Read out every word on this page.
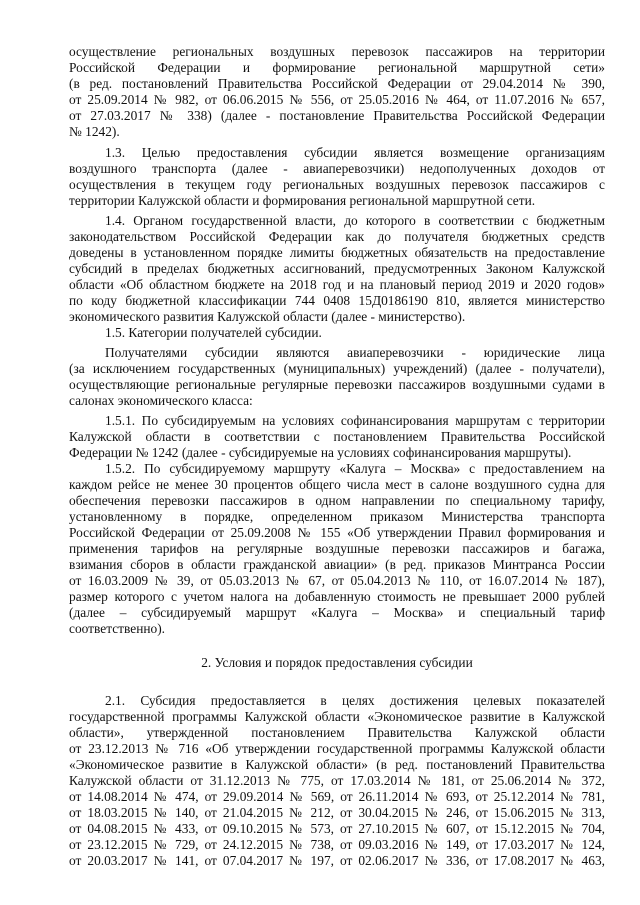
осуществление региональных воздушных перевозок пассажиров на территории
Российской Федерации и формирование региональной маршрутной сети»
(в ред. постановлений Правительства Российской Федерации от 29.04.2014 № 390,
от 25.09.2014 № 982, от 06.06.2015 № 556, от 25.05.2016 № 464, от 11.07.2016 № 657,
от 27.03.2017 № 338) (далее - постановление Правительства Российской Федерации
№ 1242).
1.3. Целью предоставления субсидии является возмещение организациям
воздушного транспорта (далее - авиаперевозчики) недополученных доходов от
осуществления в текущем году региональных воздушных перевозок пассажиров с
территории Калужской области и формирования региональной маршрутной сети.
1.4. Органом государственной власти, до которого в соответствии с бюджетным
законодательством Российской Федерации как до получателя бюджетных средств
доведены в установленном порядке лимиты бюджетных обязательств на предоставление
субсидий в пределах бюджетных ассигнований, предусмотренных Законом Калужской
области «Об областном бюджете на 2018 год и на плановый период 2019 и 2020 годов»
по коду бюджетной классификации 744 0408 15Д0186190 810, является министерство
экономического развития Калужской области (далее - министерство).
1.5. Категории получателей субсидии.
Получателями субсидии являются авиаперевозчики - юридические лица
(за исключением государственных (муниципальных) учреждений) (далее - получатели),
осуществляющие региональные регулярные перевозки пассажиров воздушными судами в
салонах экономического класса:
1.5.1. По субсидируемым на условиях софинансирования маршрутам с территории
Калужской области в соответствии с постановлением Правительства Российской
Федерации № 1242 (далее - субсидируемые на условиях софинансирования маршруты).
1.5.2. По субсидируемому маршруту «Калуга – Москва» с предоставлением на
каждом рейсе не менее 30 процентов общего числа мест в салоне воздушного судна для
обеспечения перевозки пассажиров в одном направлении по специальному тарифу,
установленному в порядке, определенном приказом Министерства транспорта
Российской Федерации от 25.09.2008 № 155 «Об утверждении Правил формирования и
применения тарифов на регулярные воздушные перевозки пассажиров и багажа,
взимания сборов в области гражданской авиации» (в ред. приказов Минтранса России
от 16.03.2009 № 39, от 05.03.2013 № 67, от 05.04.2013 № 110, от 16.07.2014 № 187),
размер которого с учетом налога на добавленную стоимость не превышает 2000 рублей
(далее – субсидируемый маршрут «Калуга – Москва» и специальный тариф
соответственно).
2.1. Субсидия предоставляется в целях достижения целевых показателей
государственной программы Калужской области «Экономическое развитие в Калужской
области», утвержденной постановлением Правительства Калужской области
от 23.12.2013 № 716 «Об утверждении государственной программы Калужской области
«Экономическое развитие в Калужской области» (в ред. постановлений Правительства
Калужской области от 31.12.2013 № 775, от 17.03.2014 № 181, от 25.06.2014 № 372,
от 14.08.2014 № 474, от 29.09.2014 № 569, от 26.11.2014 № 693, от 25.12.2014 № 781,
от 18.03.2015 № 140, от 21.04.2015 № 212, от 30.04.2015 № 246, от 15.06.2015 № 313,
от 04.08.2015 № 433, от 09.10.2015 № 573, от 27.10.2015 № 607, от 15.12.2015 № 704,
от 23.12.2015 № 729, от 24.12.2015 № 738, от 09.03.2016 № 149, от 17.03.2017 № 124,
от 20.03.2017 № 141, от 07.04.2017 № 197, от 02.06.2017 № 336, от 17.08.2017 № 463,
2. Условия и порядок предоставления субсидии
